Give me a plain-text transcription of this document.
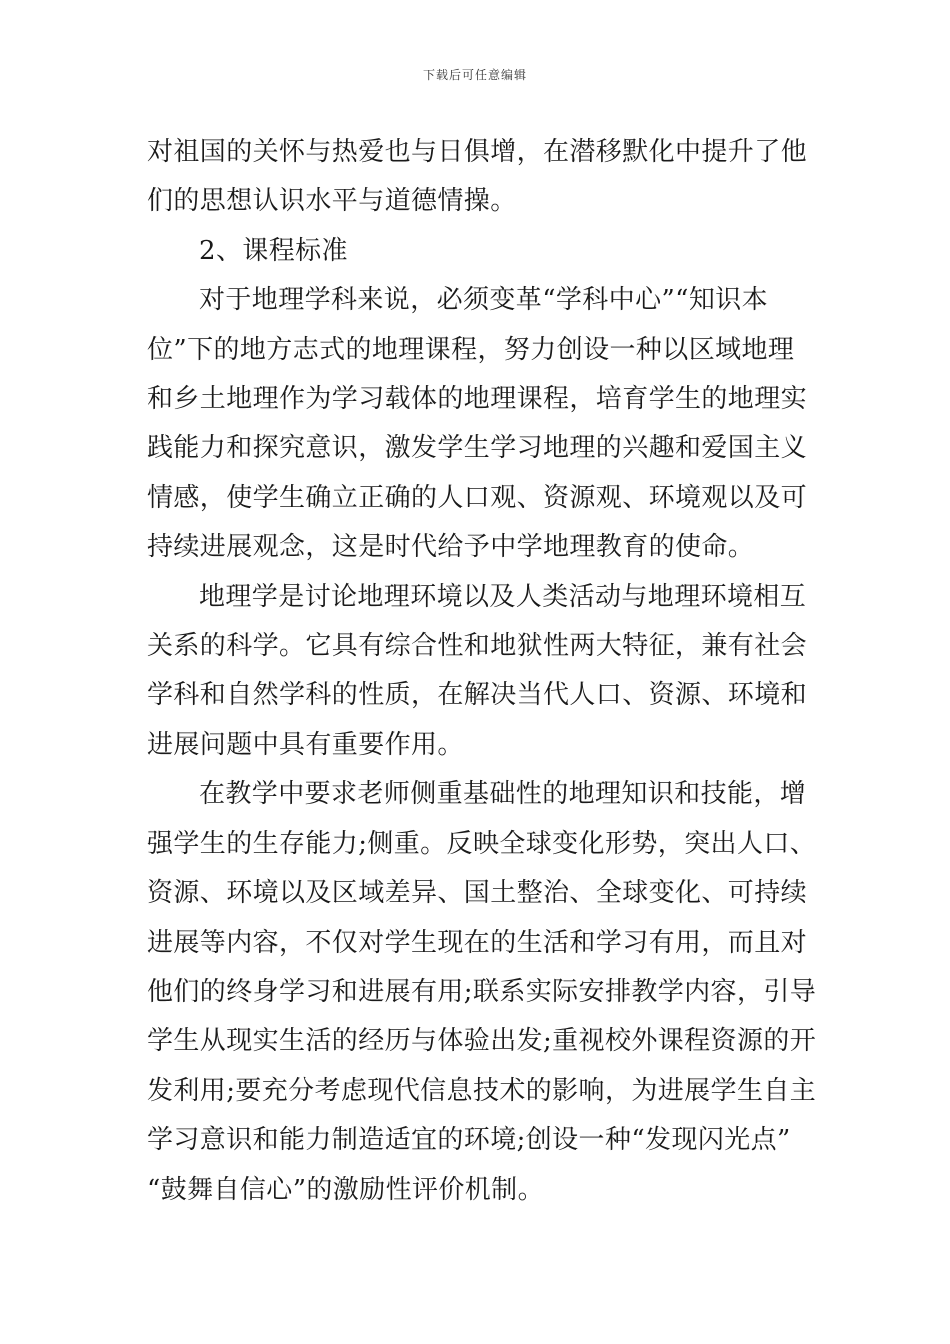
下载后可任意编辑

对祖国的关怀与热爱也与日俱增，在潜移默化中提升了他
们的思想认识水平与道德情操。

2、课程标准

对于地理学科来说，必须变革“学科中心”“知识本
位”下的地方志式的地理课程，努力创设一种以区域地理
和乡土地理作为学习载体的地理课程，培育学生的地理实
践能力和探究意识，激发学生学习地理的兴趣和爱国主义
情感，使学生确立正确的人口观、资源观、环境观以及可
持续进展观念，这是时代给予中学地理教育的使命。

地理学是讨论地理环境以及人类活动与地理环境相互
关系的科学。它具有综合性和地狱性两大特征，兼有社会
学科和自然学科的性质，在解决当代人口、资源、环境和
进展问题中具有重要作用。

在教学中要求老师侧重基础性的地理知识和技能，增
强学生的生存能力;侧重。反映全球变化形势，突出人口、
资源、环境以及区域差异、国土整治、全球变化、可持续
进展等内容，不仅对学生现在的生活和学习有用，而且对
他们的终身学习和进展有用;联系实际安排教学内容，引导
学生从现实生活的经历与体验出发;重视校外课程资源的开
发利用;要充分考虑现代信息技术的影响，为进展学生自主
学习意识和能力制造适宜的环境;创设一种“发现闪光点”
“鼓舞自信心”的激励性评价机制。
